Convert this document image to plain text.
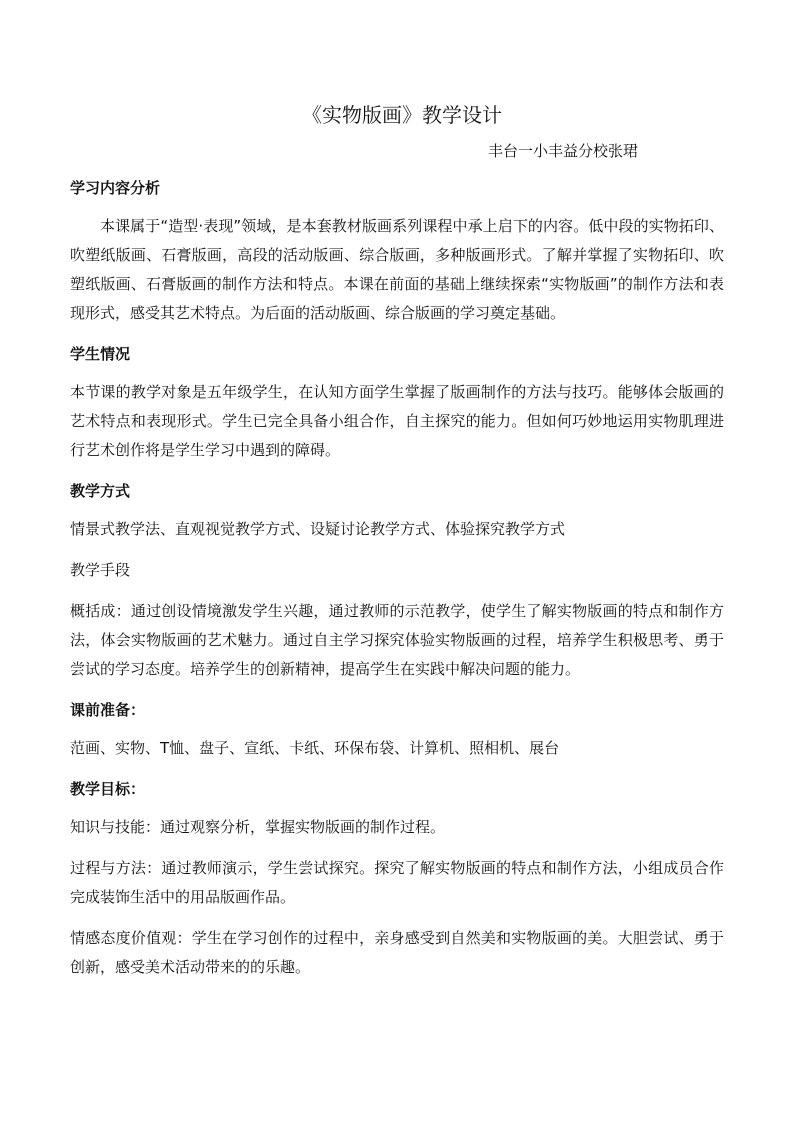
《实物版画》教学设计
丰台一小丰益分校张珺
学习内容分析

本课属于“造型·表现”领域，是本套教材版画系列课程中承上启下的内容。低中段的实物拓印、吹塑纸版画、石膏版画，高段的活动版画、综合版画，多种版画形式。了解并掌握了实物拓印、吹塑纸版画、石膏版画的制作方法和特点。本课在前面的基础上继续探索“实物版画”的制作方法和表现形式，感受其艺术特点。为后面的活动版画、综合版画的学习奠定基础。

学生情况

本节课的教学对象是五年级学生，在认知方面学生掌握了版画制作的方法与技巧。能够体会版画的艺术特点和表现形式。学生已完全具备小组合作，自主探究的能力。但如何巧妙地运用实物肌理进行艺术创作将是学生学习中遇到的障碍。

教学方式

情景式教学法、直观视觉教学方式、设疑讨论教学方式、体验探究教学方式

教学手段

概括成：通过创设情境激发学生兴趣，通过教师的示范教学，使学生了解实物版画的特点和制作方法，体会实物版画的艺术魅力。通过自主学习探究体验实物版画的过程，培养学生积极思考、勇于尝试的学习态度。培养学生的创新精神，提高学生在实践中解决问题的能力。

课前准备：

范画、实物、T恤、盘子、宣纸、卡纸、环保布袋、计算机、照相机、展台

教学目标：

知识与技能：通过观察分析，掌握实物版画的制作过程。

过程与方法：通过教师演示，学生尝试探究。探究了解实物版画的特点和制作方法，小组成员合作完成装饰生活中的用品版画作品。

情感态度价值观：学生在学习创作的过程中，亲身感受到自然美和实物版画的美。大胆尝试、勇于创新，感受美术活动带来的的乐趣。
